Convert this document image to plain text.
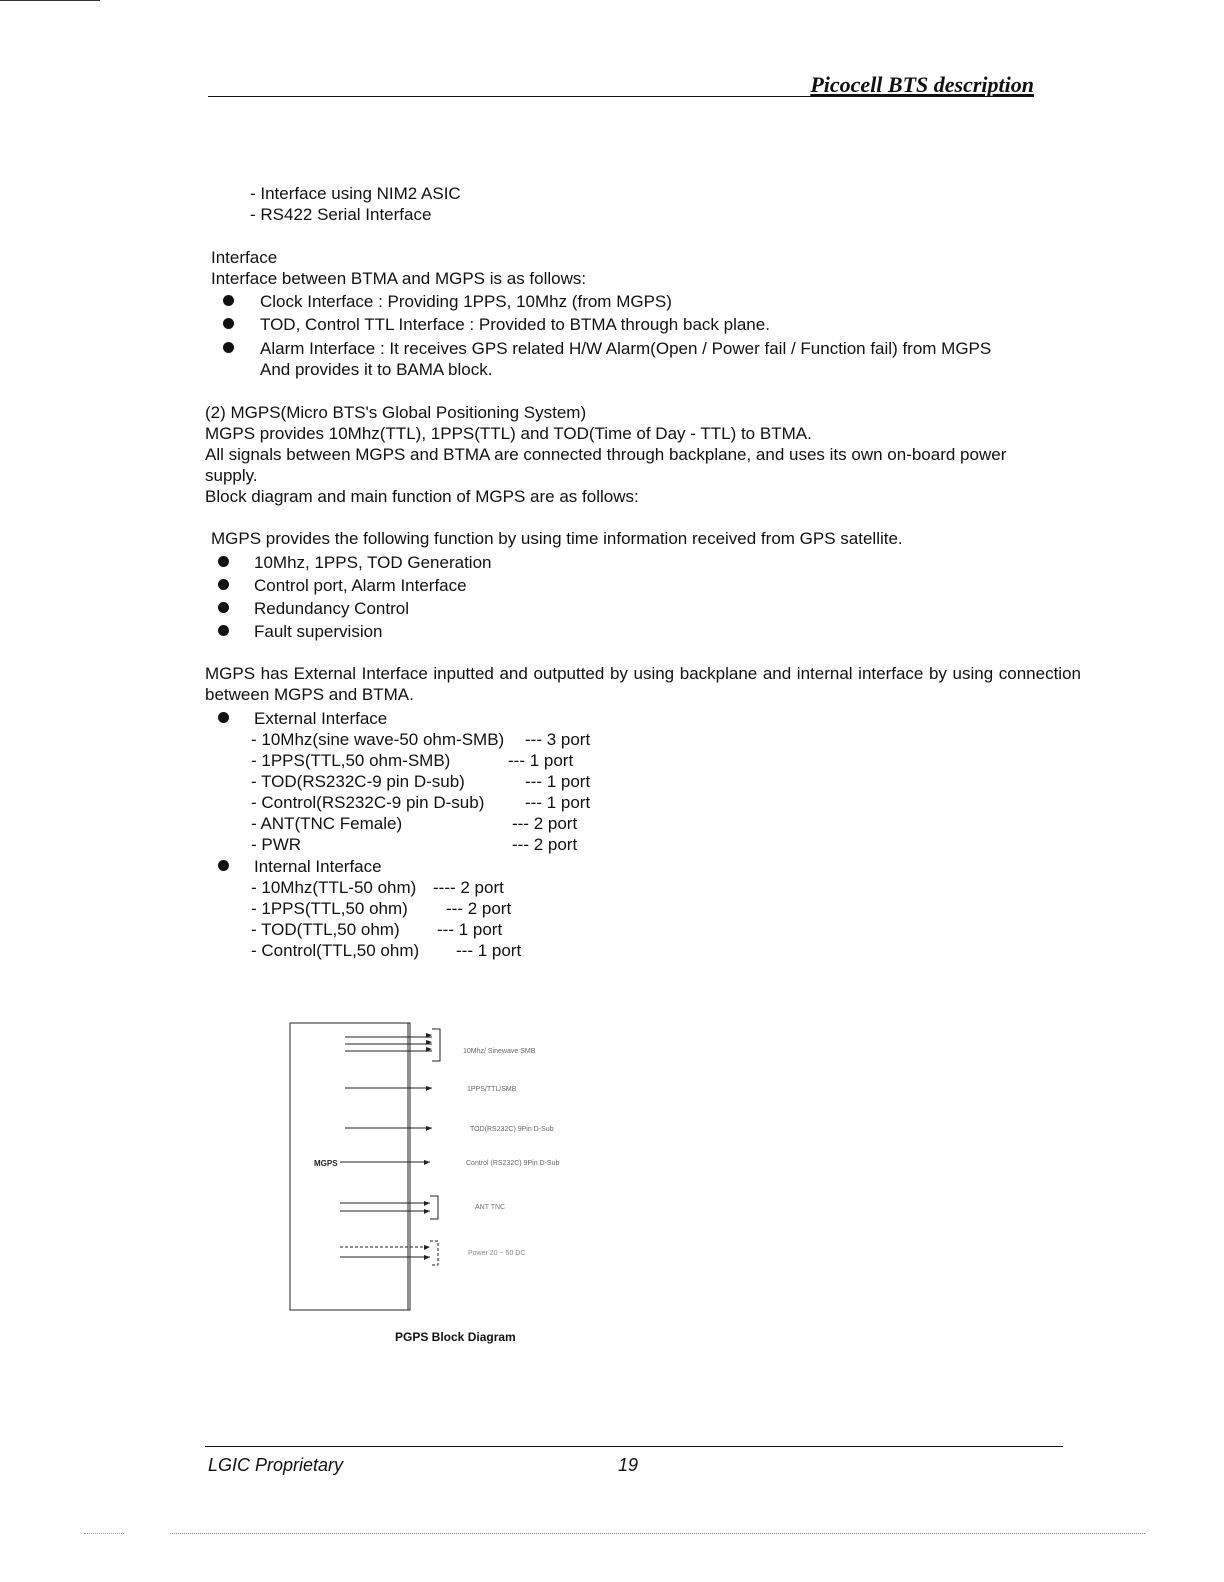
Picocell BTS description
- Interface using NIM2 ASIC
- RS422 Serial Interface
Interface
Interface between BTMA and MGPS is as follows:
Clock Interface : Providing 1PPS, 10Mhz (from MGPS)
TOD, Control TTL Interface : Provided to BTMA through back plane.
Alarm Interface : It receives GPS related H/W Alarm(Open / Power fail / Function fail) from MGPS
And provides it to BAMA block.
(2) MGPS(Micro BTS's Global Positioning System)
MGPS provides 10Mhz(TTL), 1PPS(TTL) and TOD(Time of Day - TTL) to BTMA.
All signals between MGPS and BTMA are connected through backplane, and uses its own on-board power
supply.
Block diagram and main function of MGPS are as follows:
MGPS provides the following function by using time information received from GPS satellite.
10Mhz, 1PPS, TOD Generation
Control port, Alarm Interface
Redundancy Control
Fault supervision
MGPS has External Interface inputted and outputted by using backplane and internal interface by using connection between MGPS and BTMA.
External Interface
- 10Mhz(sine wave-50 ohm-SMB) --- 3 port
- 1PPS(TTL,50 ohm-SMB)	--- 1 port
- TOD(RS232C-9 pin D-sub)	--- 1 port
- Control(RS232C-9 pin D-sub) --- 1 port
- ANT(TNC Female)	--- 2 port
- PWR	--- 2 port
Internal Interface
- 10Mhz(TTL-50 ohm) ---- 2 port
- 1PPS(TTL,50 ohm) --- 2 port
- TOD(TTL,50 ohm) --- 1 port
- Control(TTL,50 ohm) --- 1 port
MGPS
10Mhz/ Sinewave SMB
1PPS/TTL/SMB
TOD(RS232C) 9Pin D-Sub
Control (RS232C) 9Pin D-Sub
ANT TNC
Power 20 ~ 50 DC
PGPS Block Diagram
LGIC Proprietary	19
